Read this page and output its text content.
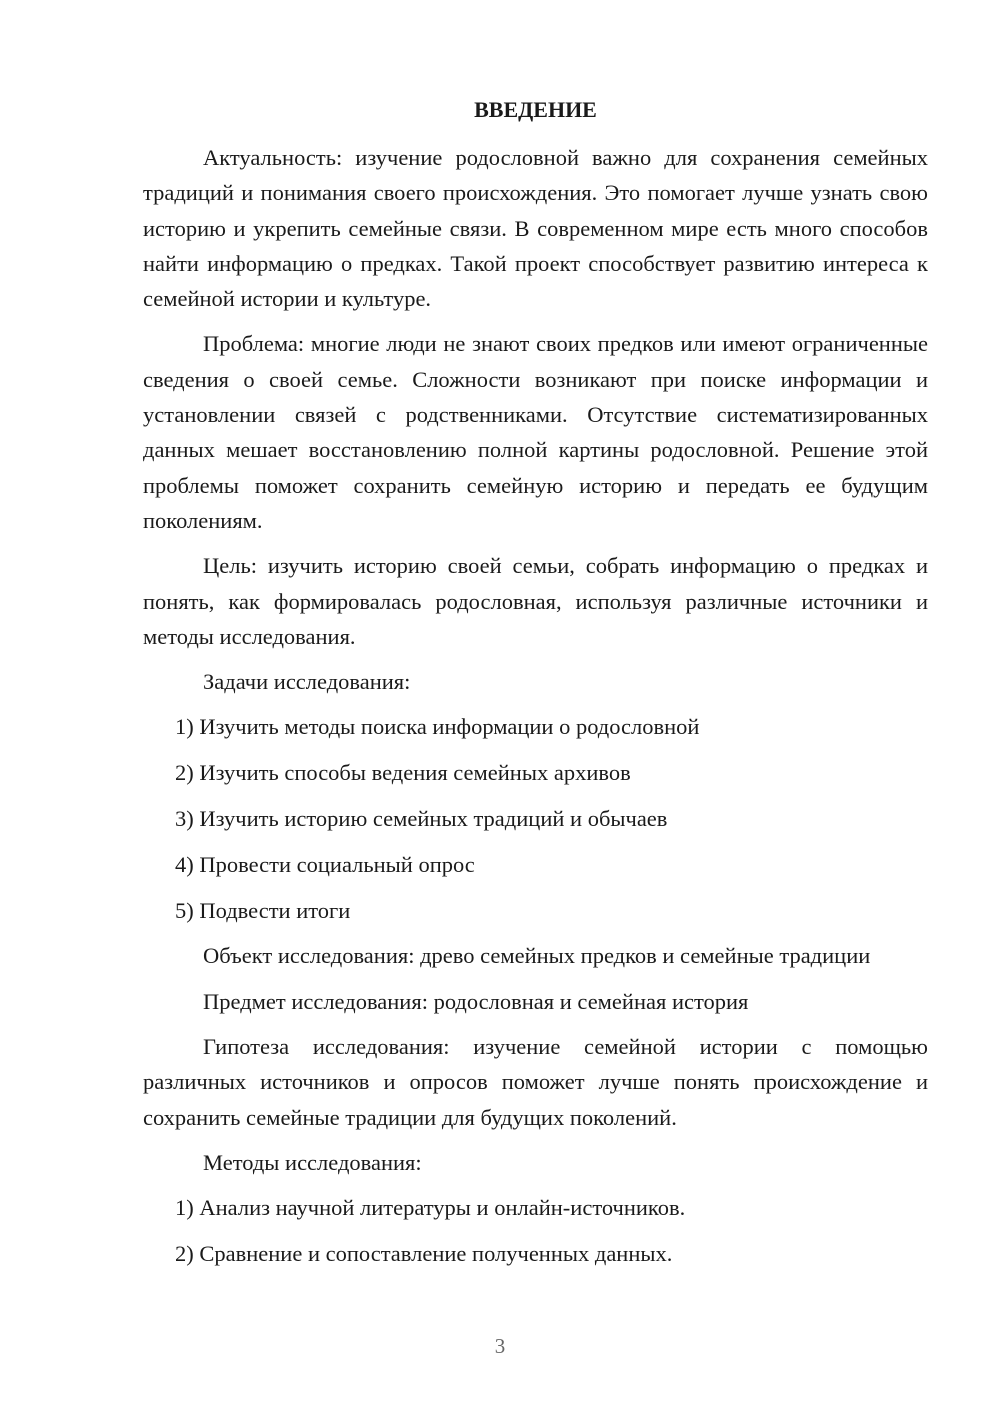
ВВЕДЕНИЕ

Актуальность: изучение родословной важно для сохранения семейных традиций и понимания своего происхождения. Это помогает лучше узнать свою историю и укрепить семейные связи. В современном мире есть много способов найти информацию о предках. Такой проект способствует развитию интереса к семейной истории и культуре.

Проблема: многие люди не знают своих предков или имеют ограниченные сведения о своей семье. Сложности возникают при поиске информации и установлении связей с родственниками. Отсутствие систематизированных данных мешает восстановлению полной картины родословной. Решение этой проблемы поможет сохранить семейную историю и передать ее будущим поколениям.

Цель: изучить историю своей семьи, собрать информацию о предках и понять, как формировалась родословная, используя различные источники и методы исследования.

Задачи исследования:
1) Изучить методы поиска информации о родословной
2) Изучить способы ведения семейных архивов
3) Изучить историю семейных традиций и обычаев
4) Провести социальный опрос
5) Подвести итоги

Объект исследования: древо семейных предков и семейные традиции

Предмет исследования: родословная и семейная история

Гипотеза исследования: изучение семейной истории с помощью различных источников и опросов поможет лучше понять происхождение и сохранить семейные традиции для будущих поколений.

Методы исследования:
1) Анализ научной литературы и онлайн-источников.
2) Сравнение и сопоставление полученных данных.
3
